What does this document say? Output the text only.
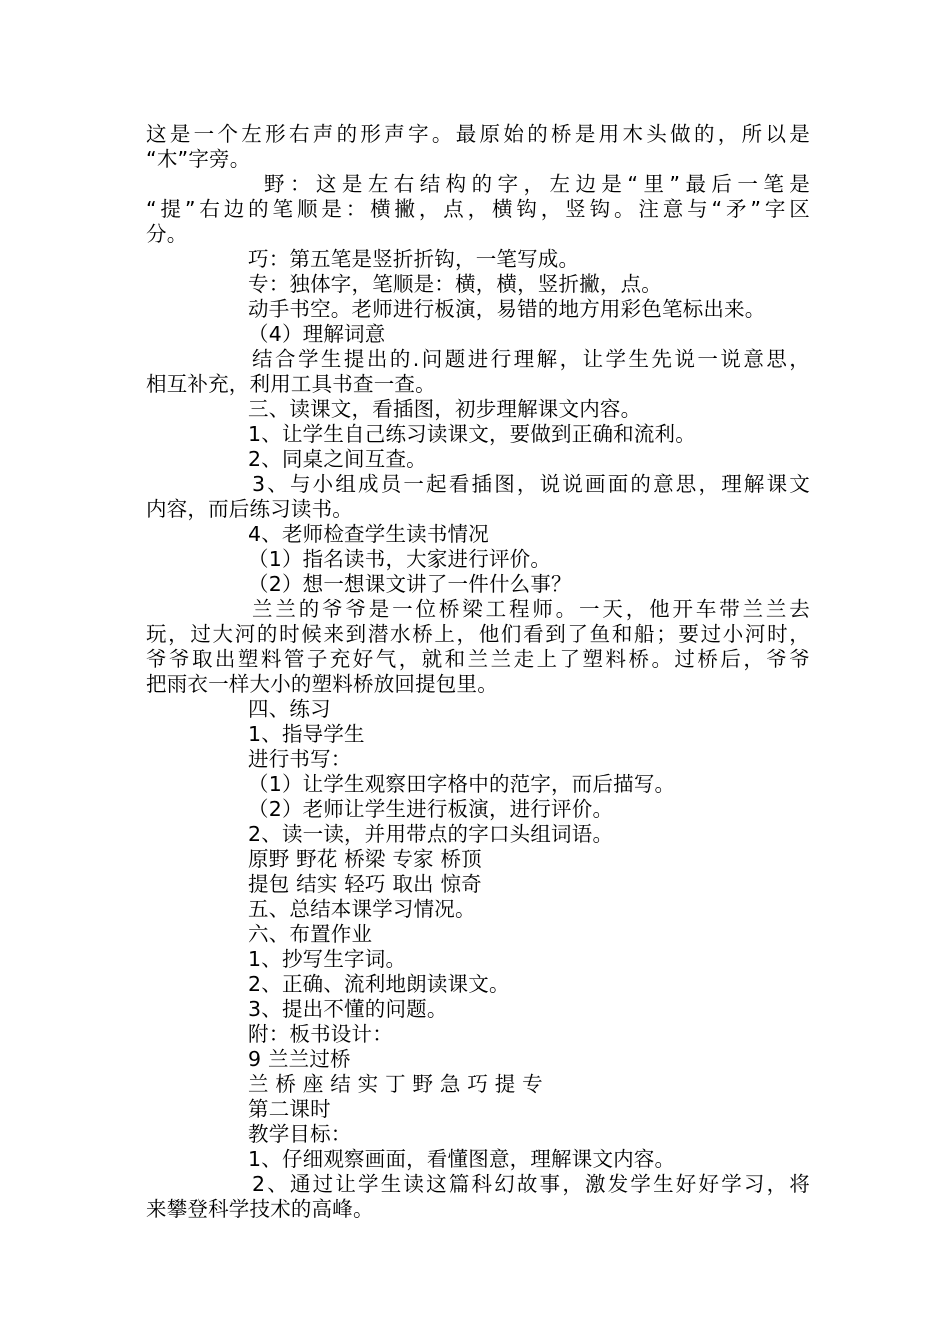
这是一个左形右声的形声字。最原始的桥是用木头做的，所以是
“木”字旁。
野：这是左右结构的字，左边是“里”最后一笔是
“提”右边的笔顺是：横撇，点，横钩，竖钩。注意与“矛”字区
分。
巧：第五笔是竖折折钩，一笔写成。
专：独体字，笔顺是：横，横，竖折撇，点。
动手书空。老师进行板演，易错的地方用彩色笔标出来。
（4）理解词意
结合学生提出的.问题进行理解，让学生先说一说意思，
相互补充，利用工具书查一查。
三、读课文，看插图，初步理解课文内容。
1、让学生自己练习读课文，要做到正确和流利。
2、同桌之间互查。
3、与小组成员一起看插图，说说画面的意思，理解课文
内容，而后练习读书。
4、老师检查学生读书情况
（1）指名读书，大家进行评价。
（2）想一想课文讲了一件什么事？
兰兰的爷爷是一位桥梁工程师。一天，他开车带兰兰去
玩，过大河的时候来到潜水桥上，他们看到了鱼和船；要过小河时，
爷爷取出塑料管子充好气，就和兰兰走上了塑料桥。过桥后，爷爷
把雨衣一样大小的塑料桥放回提包里。
四、练习
1、指导学生
进行书写：
（1）让学生观察田字格中的范字，而后描写。
（2）老师让学生进行板演，进行评价。
2、读一读，并用带点的字口头组词语。
原野 野花 桥梁 专家 桥顶
提包 结实 轻巧 取出 惊奇
五、总结本课学习情况。
六、布置作业
1、抄写生字词。
2、正确、流利地朗读课文。
3、提出不懂的问题。
附：板书设计：
9 兰兰过桥
兰 桥 座 结 实 丁 野 急 巧 提 专
第二课时
教学目标：
1、仔细观察画面，看懂图意，理解课文内容。
2、通过让学生读这篇科幻故事，激发学生好好学习，将
来攀登科学技术的高峰。
